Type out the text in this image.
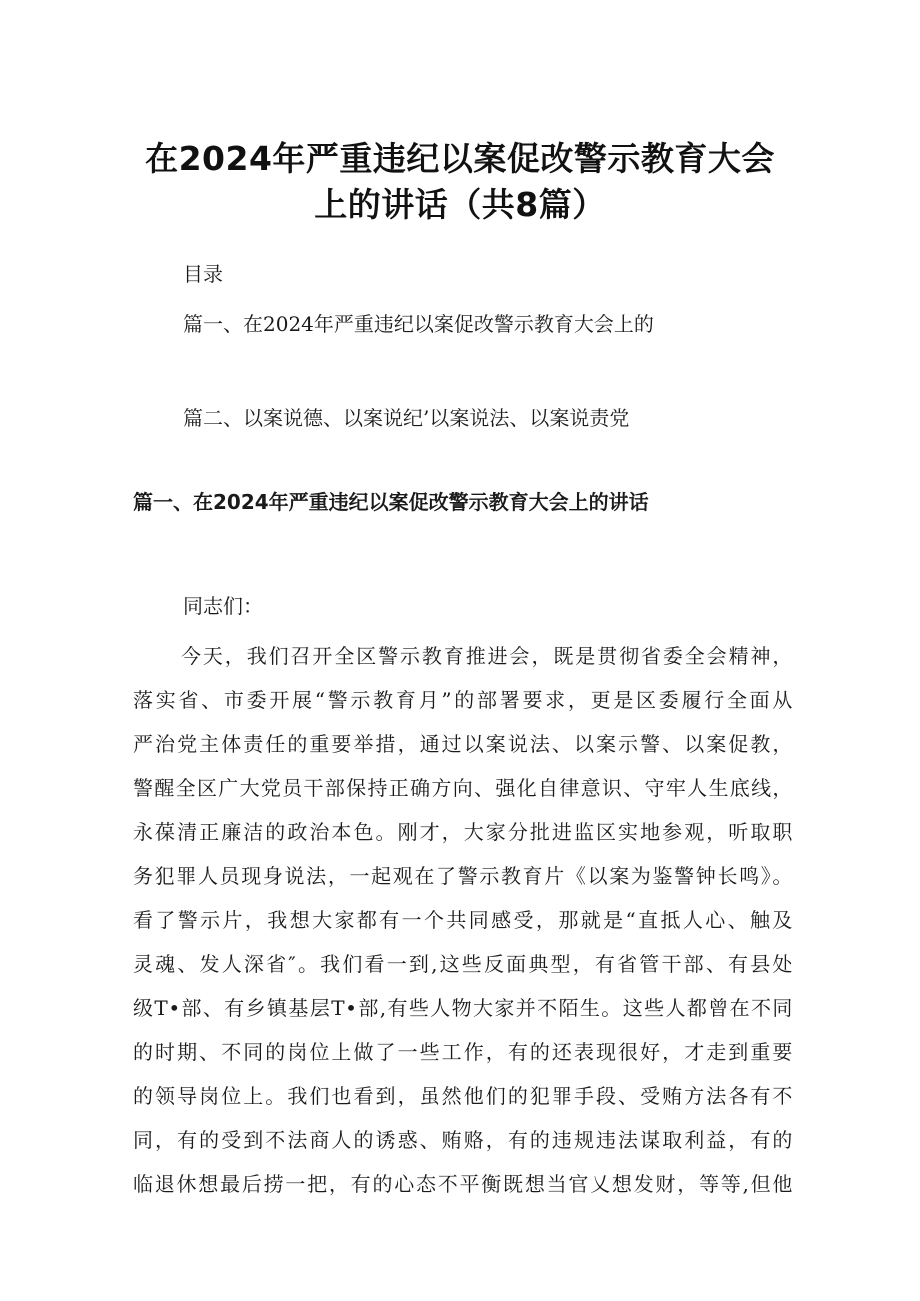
在2024年严重违纪以案促改警示教育大会
上的讲话（共8篇）
目录
篇一、在2024年严重违纪以案促改警示教育大会上的
篇二、以案说德、以案说纪’以案说法、以案说责党
篇一、在2024年严重违纪以案促改警示教育大会上的讲话
同志们：
今天，我们召开全区警示教育推进会，既是贯彻省委全会精神，
落实省、市委开展“警示教育月”的部署要求，更是区委履行全面从
严治党主体责任的重要举措，通过以案说法、以案示警、以案促教，
警醒全区广大党员干部保持正确方向、强化自律意识、守牢人生底线，
永葆清正廉洁的政治本色。刚才，大家分批进监区实地参观，听取职
务犯罪人员现身说法，一起观在了警示教育片《以案为鉴警钟长鸣》。
看了警示片，我想大家都有一个共同感受，那就是“直抵人心、触及
灵魂、发人深省″。我们看一到,这些反面典型，有省管干部、有县处
级T•部、有乡镇基层T•部,有些人物大家并不陌生。这些人都曾在不同
的时期、不同的岗位上做了一些工作，有的还表现很好，才走到重要
的领导岗位上。我们也看到，虽然他们的犯罪手段、受贿方法各有不
同，有的受到不法商人的诱惑、贿赂，有的违规违法谋取利益，有的
临退休想最后捞一把，有的心态不平衡既想当官乂想发财，等等,但他
